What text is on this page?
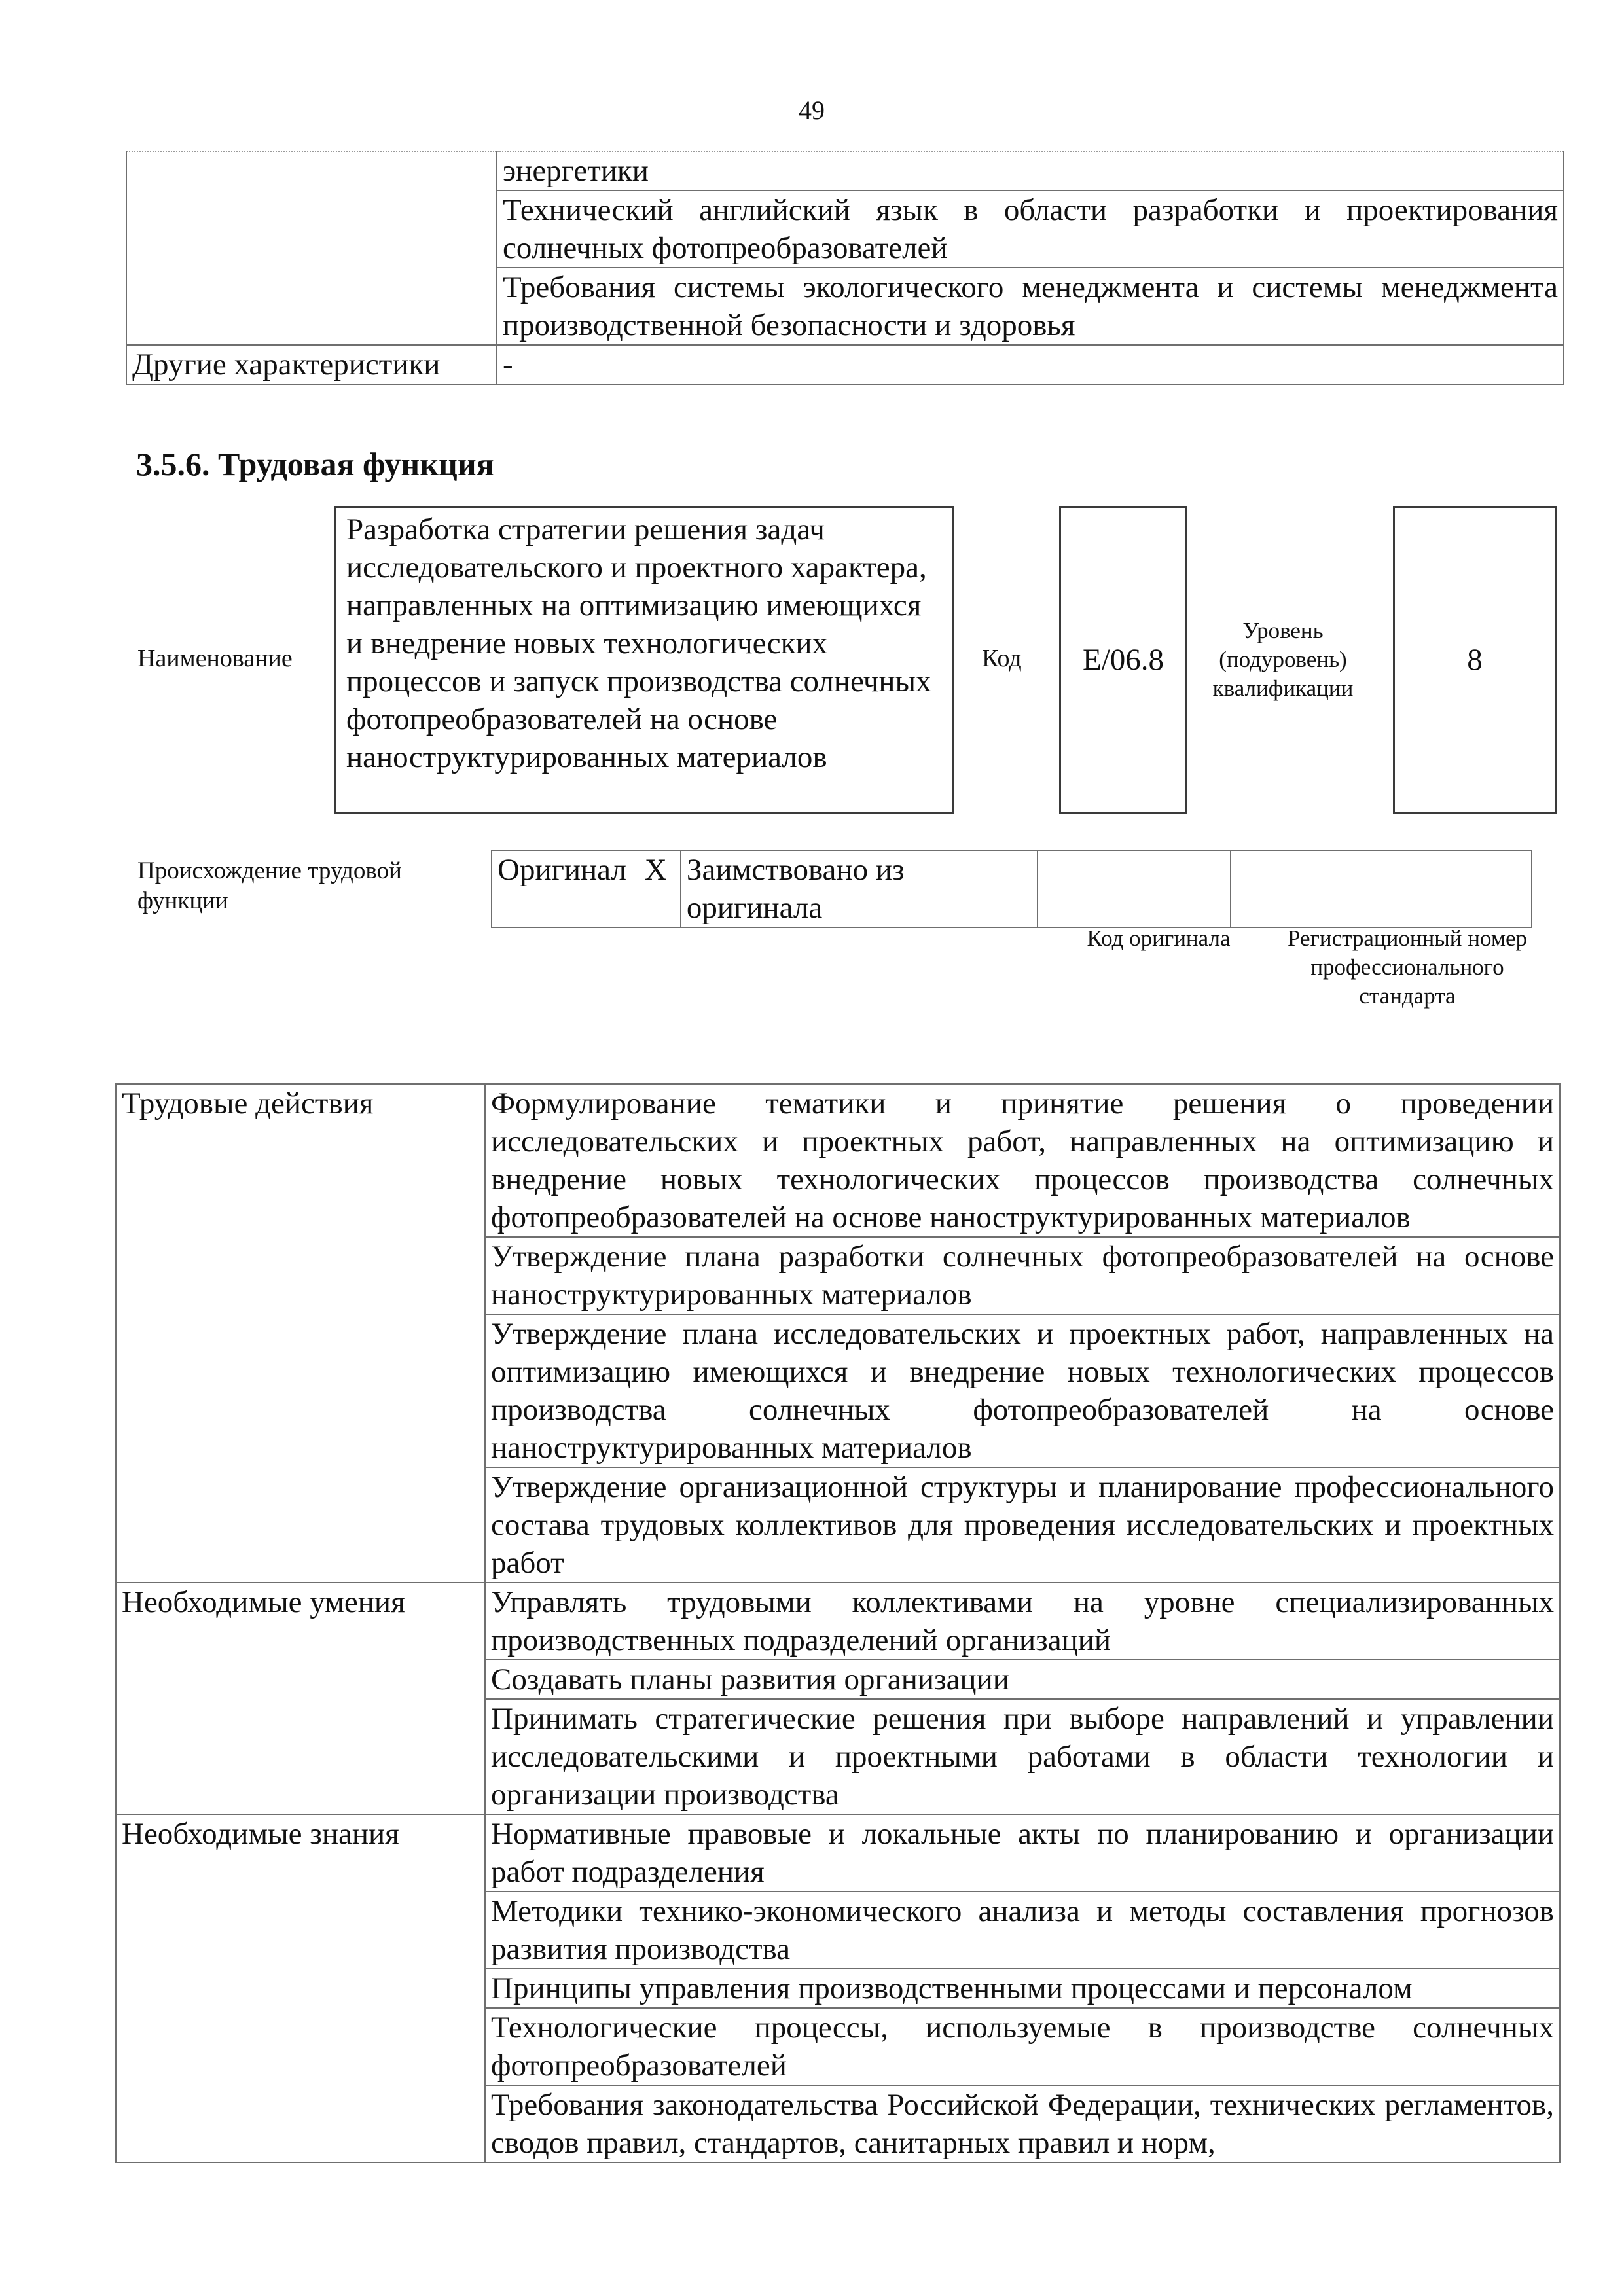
49
	энергетики
	Технический английский язык в области разработки и проектирования солнечных фотопреобразователей
	Требования системы экологического менеджмента и системы менеджмента производственной безопасности и здоровья
Другие характеристики	-
3.5.6. Трудовая функция
Наименование
Разработка стратегии решения задач исследовательского и проектного характера, направленных на оптимизацию имеющихся и внедрение новых технологических процессов и запуск производства солнечных фотопреобразователей на основе наноструктурированных материалов
Код E/06.8
Уровень (подуровень) квалификации
8
Происхождение трудовой функции
Оригинал	X	Заимствовано из оригинала		
Код оригинала	Регистрационный номер профессионального стандарта
Трудовые действия	Формулирование тематики и принятие решения о проведении исследовательских и проектных работ, направленных на оптимизацию и внедрение новых технологических процессов производства солнечных фотопреобразователей на основе наноструктурированных материалов
	Утверждение плана разработки солнечных фотопреобразователей на основе наноструктурированных материалов
	Утверждение плана исследовательских и проектных работ, направленных на оптимизацию имеющихся и внедрение новых технологических процессов производства солнечных фотопреобразователей на основе наноструктурированных материалов
	Утверждение организационной структуры и планирование профессионального состава трудовых коллективов для проведения исследовательских и проектных работ
Необходимые умения	Управлять трудовыми коллективами на уровне специализированных производственных подразделений организаций
	Создавать планы развития организации
	Принимать стратегические решения при выборе направлений и управлении исследовательскими и проектными работами в области технологии и организации производства
Необходимые знания	Нормативные правовые и локальные акты по планированию и организации работ подразделения
	Методики технико-экономического анализа и методы составления прогнозов развития производства
	Принципы управления производственными процессами и персоналом
	Технологические процессы, используемые в производстве солнечных фотопреобразователей
	Требования законодательства Российской Федерации, технических регламентов, сводов правил, стандартов, санитарных правил и норм,
